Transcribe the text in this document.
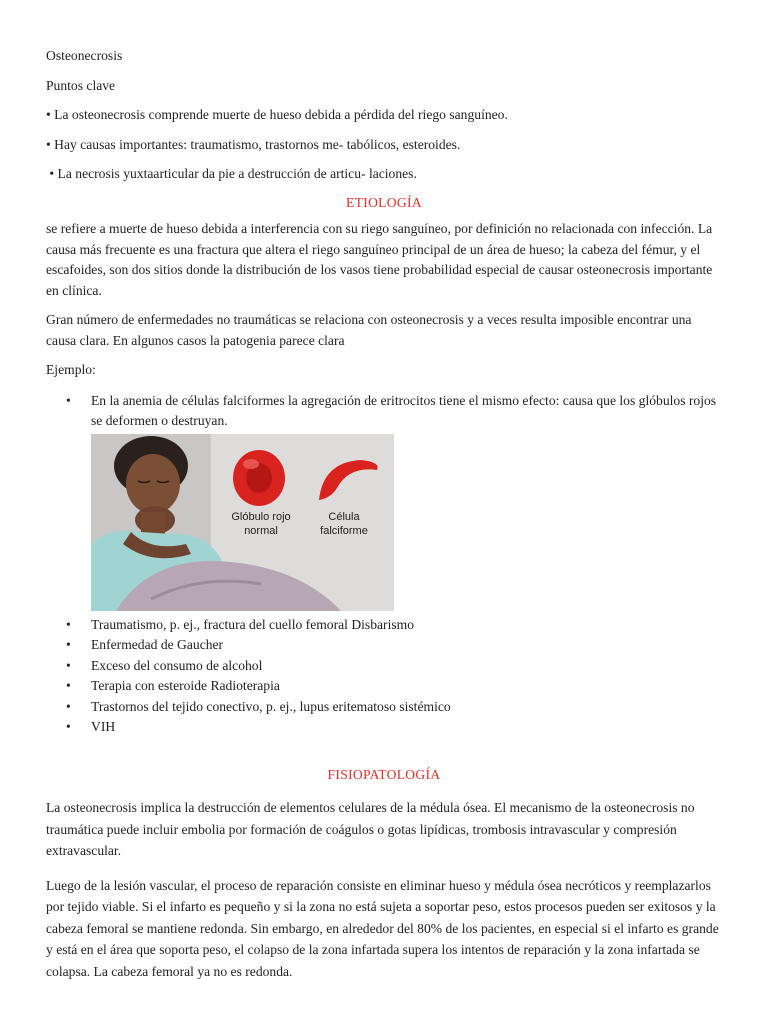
Osteonecrosis

Puntos clave

• La osteonecrosis comprende muerte de hueso debida a pérdida del riego sanguíneo.

• Hay causas importantes: traumatismo, trastornos me- tabólicos, esteroides.

• La necrosis yuxtaarticular da pie a destrucción de articu- laciones.

ETIOLOGÍA

se refiere a muerte de hueso debida a interferencia con su riego sanguíneo, por definición no relacionada con infección. La causa más frecuente es una fractura que altera el riego sanguíneo principal de un área de hueso; la cabeza del fémur, y el escafoides, son dos sitios donde la distribución de los vasos tiene probabilidad especial de causar osteonecrosis importante en clínica.

Gran número de enfermedades no traumáticas se relaciona con osteonecrosis y a veces resulta imposible encontrar una causa clara. En algunos casos la patogenia parece clara

Ejemplo:

• En la anemia de células falciformes la agregación de eritrocitos tiene el mismo efecto: causa que los glóbulos rojos se deformen o destruyan.
Glóbulo rojo normal
Célula falciforme
• Traumatismo, p. ej., fractura del cuello femoral Disbarismo
• Enfermedad de Gaucher
• Exceso del consumo de alcohol
• Terapia con esteroide Radioterapia
• Trastornos del tejido conectivo, p. ej., lupus eritematoso sistémico
• VIH

FISIOPATOLOGÍA

La osteonecrosis implica la destrucción de elementos celulares de la médula ósea. El mecanismo de la osteonecrosis no traumática puede incluir embolia por formación de coágulos o gotas lipídicas, trombosis intravascular y compresión extravascular.

Luego de la lesión vascular, el proceso de reparación consiste en eliminar hueso y médula ósea necróticos y reemplazarlos por tejido viable. Si el infarto es pequeño y si la zona no está sujeta a soportar peso, estos procesos pueden ser exitosos y la cabeza femoral se mantiene redonda. Sin embargo, en alrededor del 80% de los pacientes, en especial si el infarto es grande y está en el área que soporta peso, el colapso de la zona infartada supera los intentos de reparación y la zona infartada se colapsa. La cabeza femoral ya no es redonda.
